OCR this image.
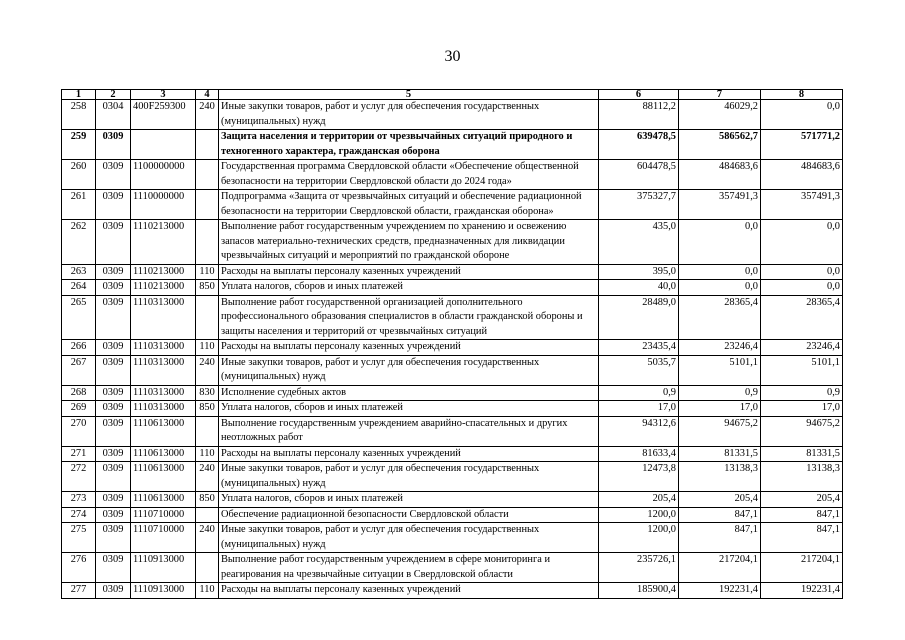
30
1	2	3	4	5	6	7	8
258	0304	400F259300	240	Иные закупки товаров, работ и услуг для обеспечения государственных (муниципальных) нужд	88112,2	46029,2	0,0
259	0309			Защита населения и территории от чрезвычайных ситуаций природного и техногенного характера, гражданская оборона	639478,5	586562,7	571771,2
260	0309	1100000000		Государственная программа Свердловской области «Обеспечение общественной безопасности на территории Свердловской области до 2024 года»	604478,5	484683,6	484683,6
261	0309	1110000000		Подпрограмма «Защита от чрезвычайных ситуаций и обеспечение радиационной безопасности на территории Свердловской области, гражданская оборона»	375327,7	357491,3	357491,3
262	0309	1110213000		Выполнение работ государственным учреждением по хранению и освежению запасов материально-технических средств, предназначенных для ликвидации чрезвычайных ситуаций и мероприятий по гражданской обороне	435,0	0,0	0,0
263	0309	1110213000	110	Расходы на выплаты персоналу казенных учреждений	395,0	0,0	0,0
264	0309	1110213000	850	Уплата налогов, сборов и иных платежей	40,0	0,0	0,0
265	0309	1110313000		Выполнение работ государственной организацией дополнительного профессионального образования специалистов в области гражданской обороны и защиты населения и территорий от чрезвычайных ситуаций	28489,0	28365,4	28365,4
266	0309	1110313000	110	Расходы на выплаты персоналу казенных учреждений	23435,4	23246,4	23246,4
267	0309	1110313000	240	Иные закупки товаров, работ и услуг для обеспечения государственных (муниципальных) нужд	5035,7	5101,1	5101,1
268	0309	1110313000	830	Исполнение судебных актов	0,9	0,9	0,9
269	0309	1110313000	850	Уплата налогов, сборов и иных платежей	17,0	17,0	17,0
270	0309	1110613000		Выполнение государственным учреждением аварийно-спасательных и других неотложных работ	94312,6	94675,2	94675,2
271	0309	1110613000	110	Расходы на выплаты персоналу казенных учреждений	81633,4	81331,5	81331,5
272	0309	1110613000	240	Иные закупки товаров, работ и услуг для обеспечения государственных (муниципальных) нужд	12473,8	13138,3	13138,3
273	0309	1110613000	850	Уплата налогов, сборов и иных платежей	205,4	205,4	205,4
274	0309	1110710000		Обеспечение радиационной безопасности Свердловской области	1200,0	847,1	847,1
275	0309	1110710000	240	Иные закупки товаров, работ и услуг для обеспечения государственных (муниципальных) нужд	1200,0	847,1	847,1
276	0309	1110913000		Выполнение работ государственным учреждением в сфере мониторинга и реагирования на чрезвычайные ситуации в Свердловской области	235726,1	217204,1	217204,1
277	0309	1110913000	110	Расходы на выплаты персоналу казенных учреждений	185900,4	192231,4	192231,4
